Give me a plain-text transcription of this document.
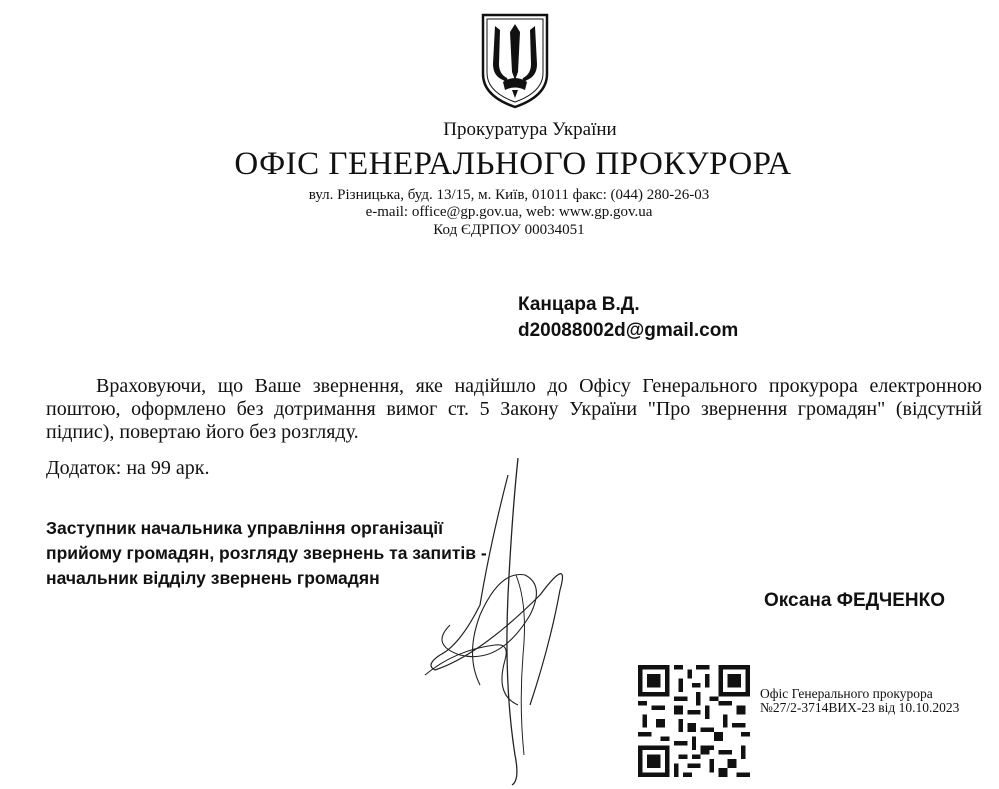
Прокуратура України
ОФІС ГЕНЕРАЛЬНОГО ПРОКУРОРА
вул. Різницька, буд. 13/15, м. Київ, 01011 факс: (044) 280-26-03
e-mail: office@gp.gov.ua, web: www.gp.gov.ua
Код ЄДРПОУ 00034051
Канцара В.Д.
d20088002d@gmail.com
Враховуючи, що Ваше звернення, яке надійшло до Офісу Генерального прокурора електронною поштою, оформлено без дотримання вимог ст. 5 Закону України "Про звернення громадян" (відсутній підпис), повертаю його без розгляду.
Додаток: на 99 арк.
Заступник начальника управління організації прийому громадян, розгляду звернень та запитів - начальник відділу звернень громадян
Оксана ФЕДЧЕНКО
Офіс Генерального прокурора
№27/2-3714ВИХ-23 від 10.10.2023
